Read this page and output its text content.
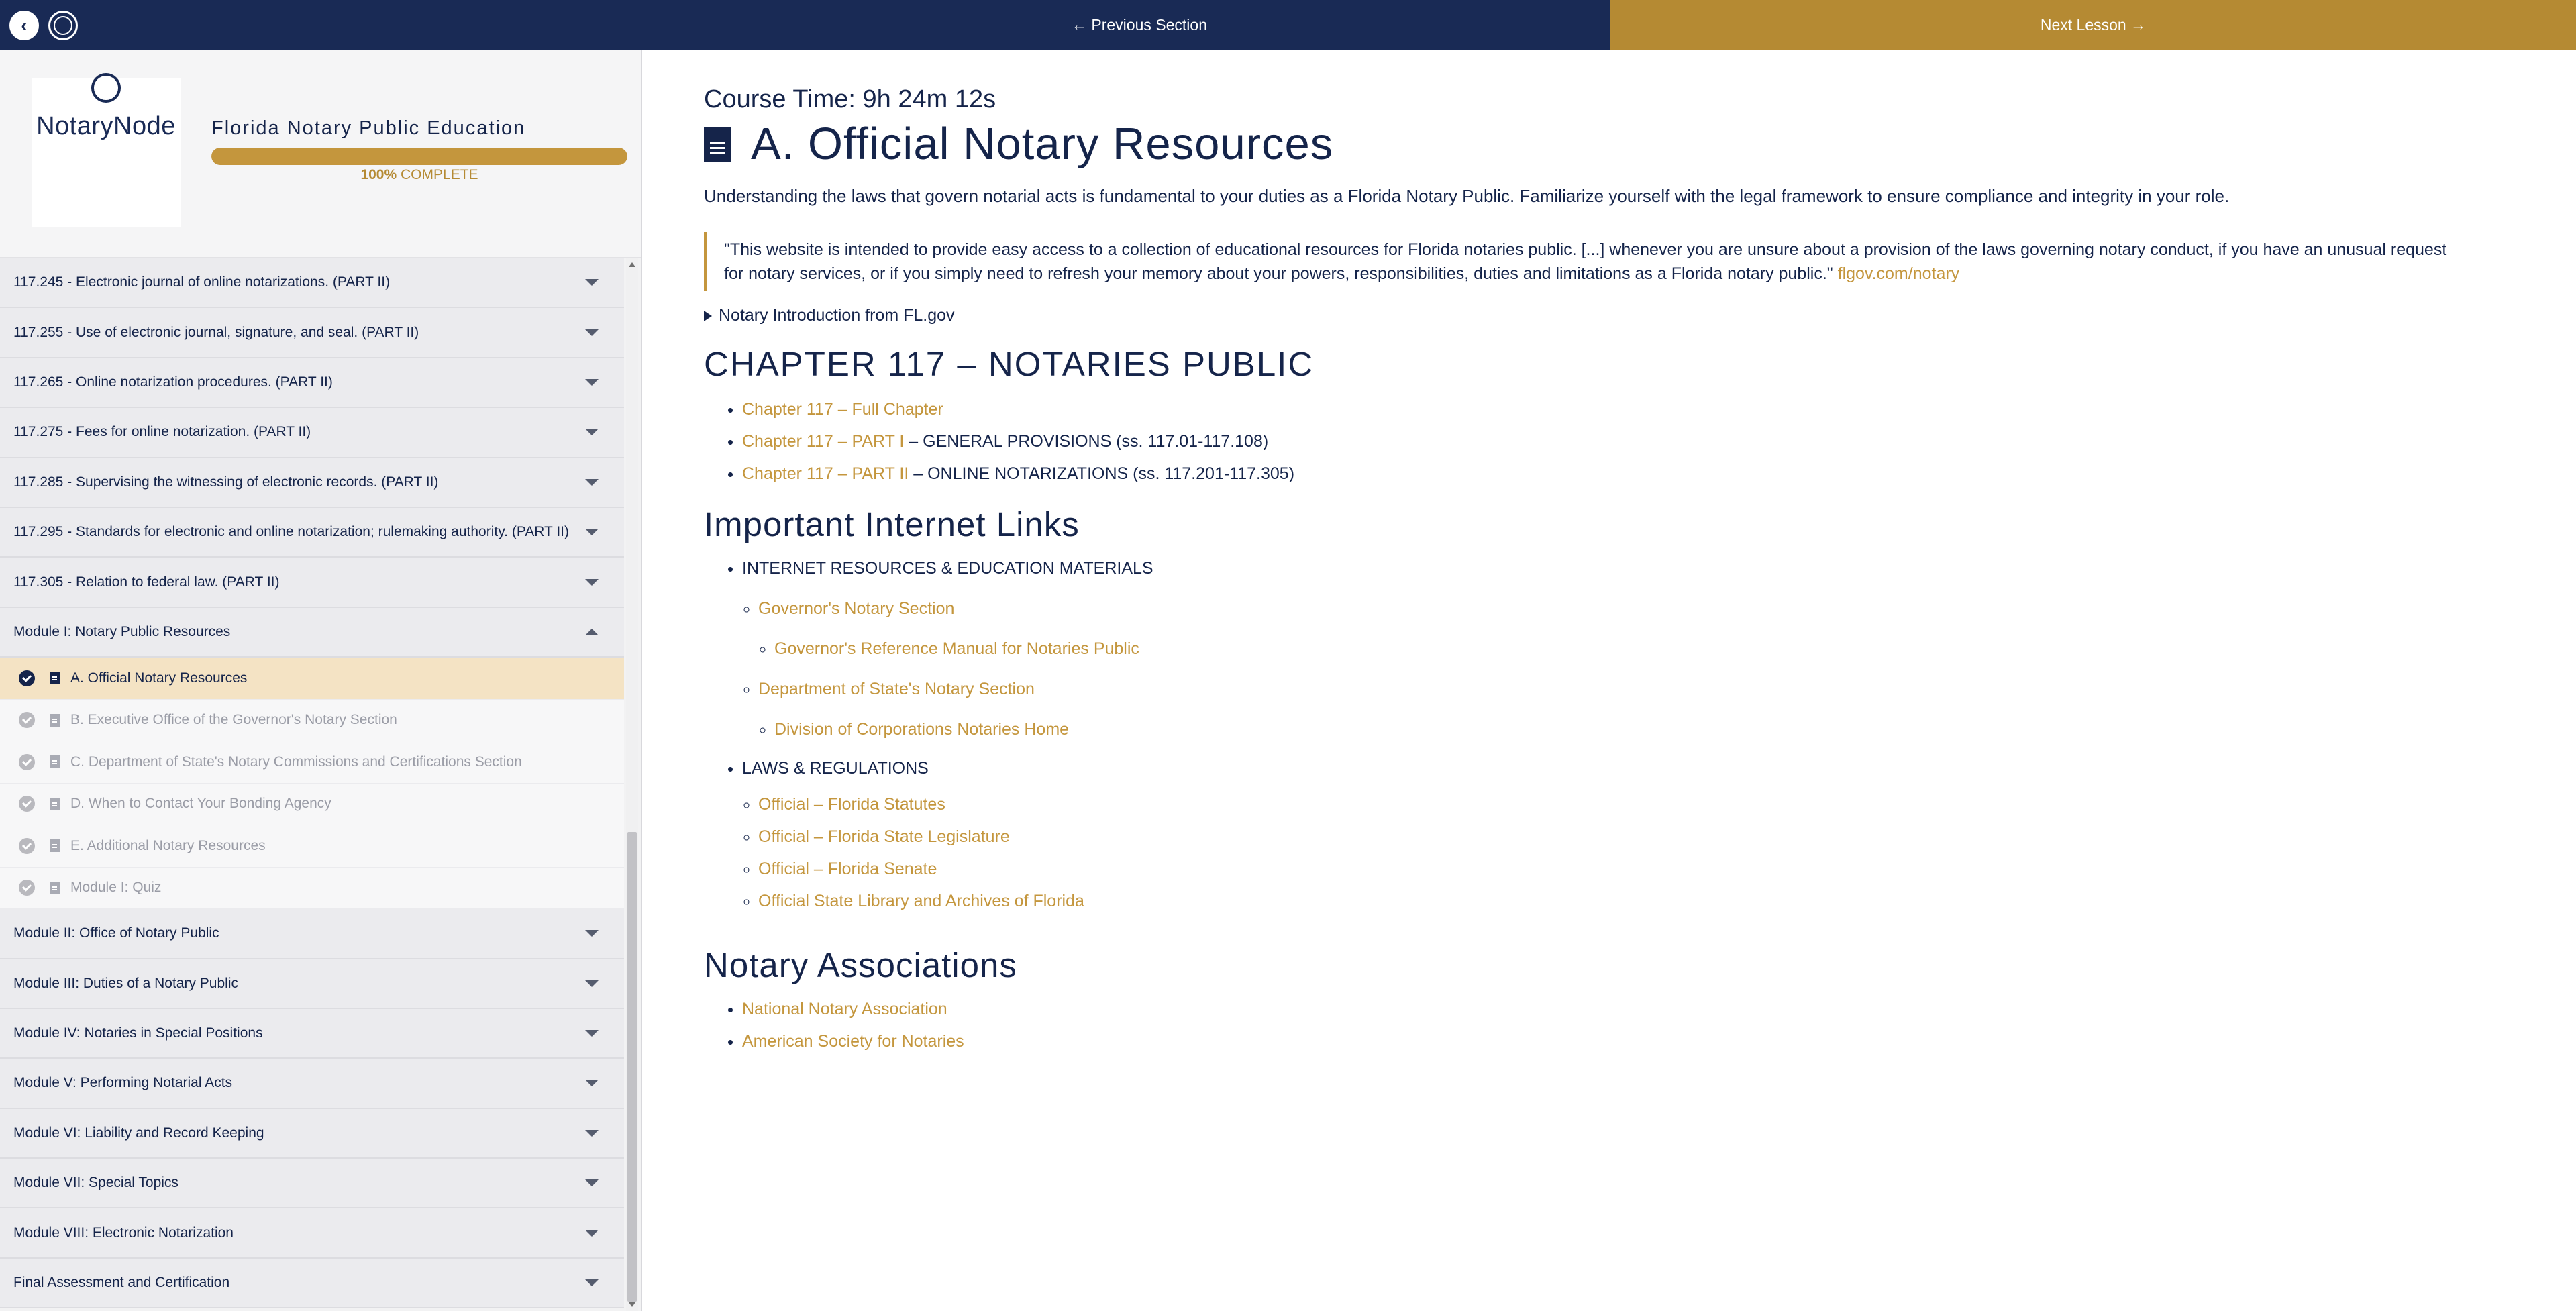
‹	←
Previous Section	Next Lesson
→
NotaryNode Florida Notary Public Education
100% COMPLETE
117.245 - Electronic journal of online notarizations. (PART II)
117.255 - Use of electronic journal, signature, and seal. (PART II)
117.265 - Online notarization procedures. (PART II)
117.275 - Fees for online notarization. (PART II)
117.285 - Supervising the witnessing of electronic records. (PART II)
117.295 - Standards for electronic and online notarization; rulemaking authority. (PART II)
117.305 - Relation to federal law. (PART II)
Module I: Notary Public Resources
A. Official Notary Resources
B. Executive Office of the Governor's Notary Section
C. Department of State's Notary Commissions and Certifications Section
D. When to Contact Your Bonding Agency
E. Additional Notary Resources
Module I: Quiz
Module II: Office of Notary Public
Module III: Duties of a Notary Public
Module IV: Notaries in Special Positions
Module V: Performing Notarial Acts
Module VI: Liability and Record Keeping
Module VII: Special Topics
Module VIII: Electronic Notarization
Final Assessment and Certification
Course Time: 9h 24m 12s
A. Official Notary Resources

Understanding the laws that govern notarial acts is fundamental to your duties as a Florida Notary Public. Familiarize yourself with the legal framework to ensure compliance and integrity in your role.

"This website is intended to provide easy access to a collection of educational resources for Florida notaries public. [...] whenever you are unsure about a provision of the laws governing notary conduct, if you have an unusual request for notary services, or if you simply need to refresh your memory about your powers, responsibilities, duties and limitations as a Florida notary public." flgov.com/notary
Notary Introduction from FL.gov
CHAPTER 117 – NOTARIES PUBLIC
• Chapter 117 – Full Chapter
• Chapter 117 – PART I – GENERAL PROVISIONS (ss. 117.01-117.108)
• Chapter 117 – PART II – ONLINE NOTARIZATIONS (ss. 117.201-117.305)
Important Internet Links
• INTERNET RESOURCES & EDUCATION MATERIALS
◦ Governor's Notary Section
◦ Governor's Reference Manual for Notaries Public
◦ Department of State's Notary Section
◦ Division of Corporations Notaries Home
• LAWS & REGULATIONS
◦ Official – Florida Statutes
◦ Official – Florida State Legislature
◦ Official – Florida Senate
◦ Official State Library and Archives of Florida
Notary Associations
• National Notary Association
• American Society for Notaries
